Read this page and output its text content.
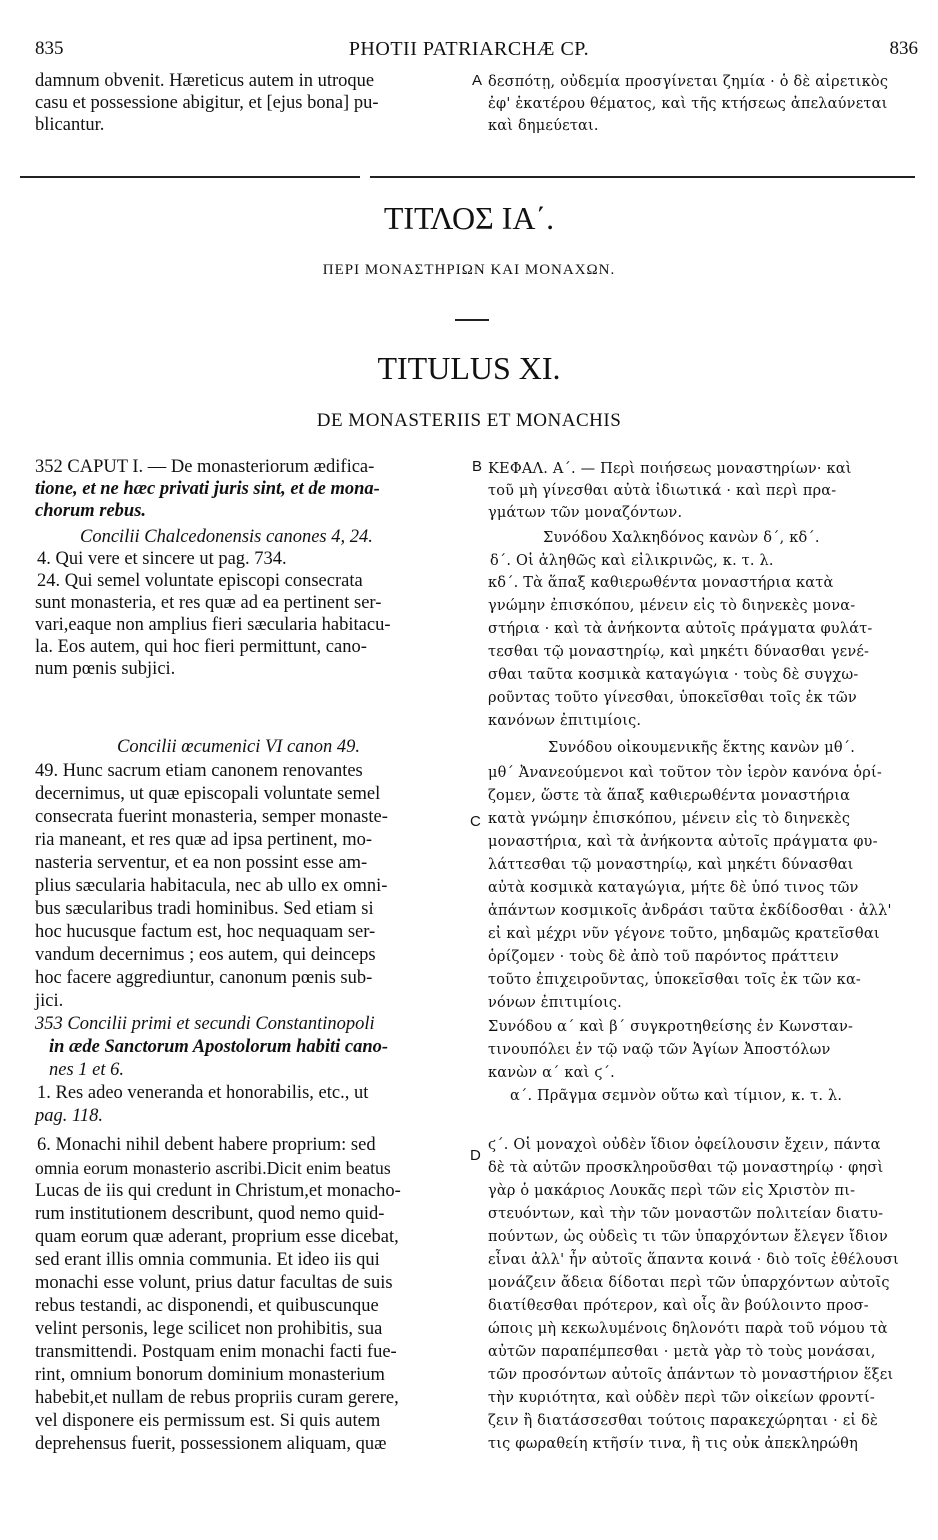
835	PHOTII PATRIARCHÆ CP.	836
damnum obvenit. Hæreticus autem in utroque
casu et possessione abigitur, et [ejus bona] pu-
blicantur.
A δεσπότῃ, οὐδεμία προσγίνεται ζημία · ὁ δὲ αἱρετικὸς
ἐφ' ἑκατέρου θέματος, καὶ τῆς κτήσεως ἀπελαύνεται
καὶ δημεύεται.
ΤΙΤΛΟΣ ΙΑ΄.
ΠΕΡΙ ΜΟΝΑΣΤΗΡΙΩΝ ΚΑΙ ΜΟΝΑΧΩΝ.
TITULUS XI.
DE MONASTERIIS ET MONACHIS
B
C
D
352 CAPUT I. — De monasteriorum ædifica-
tione, et ne hæc privati juris sint, et de mona-
chorum rebus.
Concilii Chalcedonensis canones 4, 24.
4. Qui vere et sincere ut pag. 734.
24. Qui semel voluntate episcopi consecrata
sunt monasteria, et res quæ ad ea pertinent ser-
vari,eaque non amplius fieri sæcularia habitacu-
la. Eos autem, qui hoc fieri permittunt, cano-
num pœnis subjici.
Concilii œcumenici VI canon 49.
49. Hunc sacrum etiam canonem renovantes
decernimus, ut quæ episcopali voluntate semel
consecrata fuerint monasteria, semper monaste-
ria maneant, et res quæ ad ipsa pertinent, mo-
nasteria serventur, et ea non possint esse am-
plius sæcularia habitacula, nec ab ullo ex omni-
bus sæcularibus tradi hominibus. Sed etiam si
hoc hucusque factum est, hoc nequaquam ser-
vandum decernimus ; eos autem, qui deinceps
hoc facere aggrediuntur, canonum pœnis sub-
jici.
353 Concilii primi et secundi Constantinopoli
in æde Sanctorum Apostolorum habiti cano-
nes 1 et 6.
1. Res adeo veneranda et honorabilis, etc., ut
pag. 118.
6. Monachi nihil debent habere proprium: sed
omnia eorum monasterio ascribi.Dicit enim beatus
Lucas de iis qui credunt in Christum,et monacho-
rum institutionem describunt, quod nemo quid-
quam eorum quæ aderant, proprium esse dicebat,
sed erant illis omnia communia. Et ideo iis qui
monachi esse volunt, prius datur facultas de suis
rebus testandi, ac disponendi, et quibuscunque
velint personis, lege scilicet non prohibitis, sua
transmittendi. Postquam enim monachi facti fue-
rint, omnium bonorum dominium monasterium
habebit,et nullam de rebus propriis curam gerere,
vel disponere eis permissum est. Si quis autem
deprehensus fuerit, possessionem aliquam, quæ
ΚΕΦΑΛ. Α΄. — Περὶ ποιήσεως μοναστηρίων· καὶ
τοῦ μὴ γίνεσθαι αὐτὰ ἰδιωτικά · καὶ περὶ πρα-
γμάτων τῶν μοναζόντων.
Συνόδου Χαλκηδόνος κανὼν δ΄, κδ΄.
δ΄. Οἱ ἀληθῶς καὶ εἰλικρινῶς, κ. τ. λ.
κδ΄. Τὰ ἅπαξ καθιερωθέντα μοναστήρια κατὰ
γνώμην ἐπισκόπου, μένειν εἰς τὸ διηνεκὲς μονα-
στήρια · καὶ τὰ ἀνήκοντα αὐτοῖς πράγματα φυλάτ-
τεσθαι τῷ μοναστηρίῳ, καὶ μηκέτι δύνασθαι γενέ-
σθαι ταῦτα κοσμικὰ καταγώγια · τοὺς δὲ συγχω-
ροῦντας τοῦτο γίνεσθαι, ὑποκεῖσθαι τοῖς ἐκ τῶν
κανόνων ἐπιτιμίοις.
Συνόδου οἰκουμενικῆς ἕκτης κανὼν μθ΄.
μθ΄ Ἀνανεούμενοι καὶ τοῦτον τὸν ἱερὸν κανόνα ὁρί-
ζομεν, ὥστε τὰ ἅπαξ καθιερωθέντα μοναστήρια
κατὰ γνώμην ἐπισκόπου, μένειν εἰς τὸ διηνεκὲς
μοναστήρια, καὶ τὰ ἀνήκοντα αὐτοῖς πράγματα φυ-
λάττεσθαι τῷ μοναστηρίῳ, καὶ μηκέτι δύνασθαι
αὐτὰ κοσμικὰ καταγώγια, μήτε δὲ ὑπό τινος τῶν
ἁπάντων κοσμικοῖς ἀνδράσι ταῦτα ἐκδίδοσθαι · ἀλλ'
εἰ καὶ μέχρι νῦν γέγονε τοῦτο, μηδαμῶς κρατεῖσθαι
ὁρίζομεν · τοὺς δὲ ἀπὸ τοῦ παρόντος πράττειν
τοῦτο ἐπιχειροῦντας, ὑποκεῖσθαι τοῖς ἐκ τῶν κα-
νόνων ἐπιτιμίοις.
Συνόδου α΄ καὶ β΄ συγκροτηθείσης ἐν Κωνσταν-
τινουπόλει ἐν τῷ ναῷ τῶν Ἁγίων Ἀποστόλων
κανὼν α΄ καὶ ϛ΄.
α΄. Πρᾶγμα σεμνὸν οὕτω καὶ τίμιον, κ. τ. λ.
ϛ΄. Οἱ μοναχοὶ οὐδὲν ἴδιον ὀφείλουσιν ἔχειν, πάντα
δὲ τὰ αὐτῶν προσκληροῦσθαι τῷ μοναστηρίῳ · φησὶ
γὰρ ὁ μακάριος Λουκᾶς περὶ τῶν εἰς Χριστὸν πι-
στευόντων, καὶ τὴν τῶν μοναστῶν πολιτείαν διατυ-
πούντων, ὡς οὐδεὶς τι τῶν ὑπαρχόντων ἔλεγεν ἴδιον
εἶναι ἀλλ' ἦν αὐτοῖς ἅπαντα κοινά · διὸ τοῖς ἐθέλουσι
μονάζειν ἄδεια δίδοται περὶ τῶν ὑπαρχόντων αὐτοῖς
διατίθεσθαι πρότερον, καὶ οἷς ἂν βούλοιντο προσ-
ώποις μὴ κεκωλυμένοις δηλονότι παρὰ τοῦ νόμου τὰ
αὐτῶν παραπέμπεσθαι · μετὰ γὰρ τὸ τοὺς μονάσαι,
τῶν προσόντων αὐτοῖς ἁπάντων τὸ μοναστήριον ἕξει
τὴν κυριότητα, καὶ οὐδὲν περὶ τῶν οἰκείων φροντί-
ζειν ἢ διατάσσεσθαι τούτοις παρακεχώρηται · εἰ δὲ
τις φωραθείη κτῆσίν τινα, ἢ τις οὐκ ἀπεκληρώθη
